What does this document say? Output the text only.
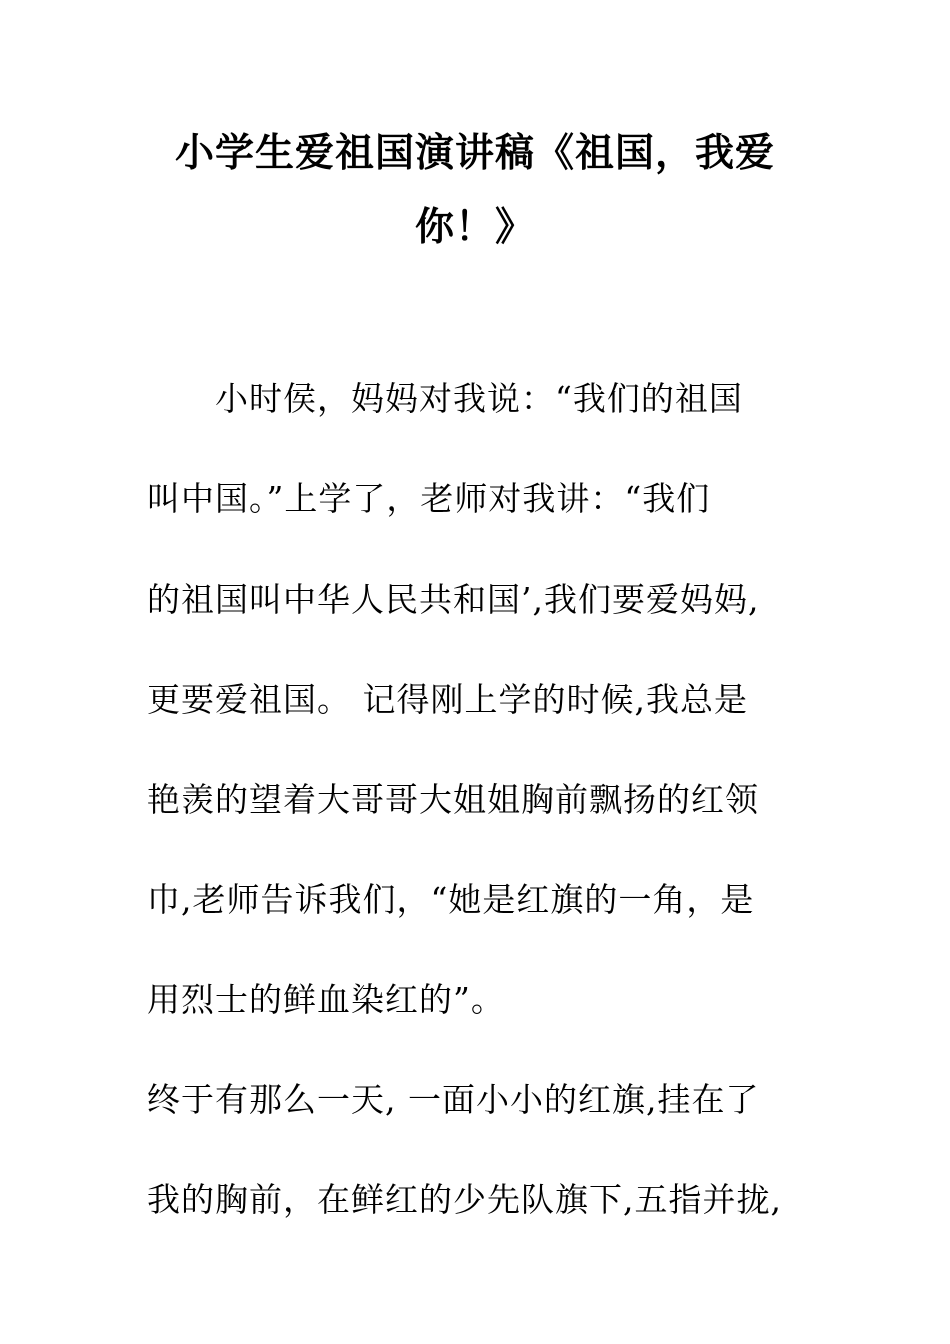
小学生爱祖国演讲稿《祖国，我爱
你！》
小时侯，妈妈对我说：“我们的祖国
叫中国。”上学了，老师对我讲：“我们
的祖国叫中华人民共和国’,我们要爱妈妈,
更要爱祖国。 记得刚上学的时候,我总是
艳羡的望着大哥哥大姐姐胸前飘扬的红领
巾,老师告诉我们，“她是红旗的一角，是
用烈士的鲜血染红的”。
终于有那么一天, 一面小小的红旗,挂在了
我的胸前，在鲜红的少先队旗下,五指并拢,
